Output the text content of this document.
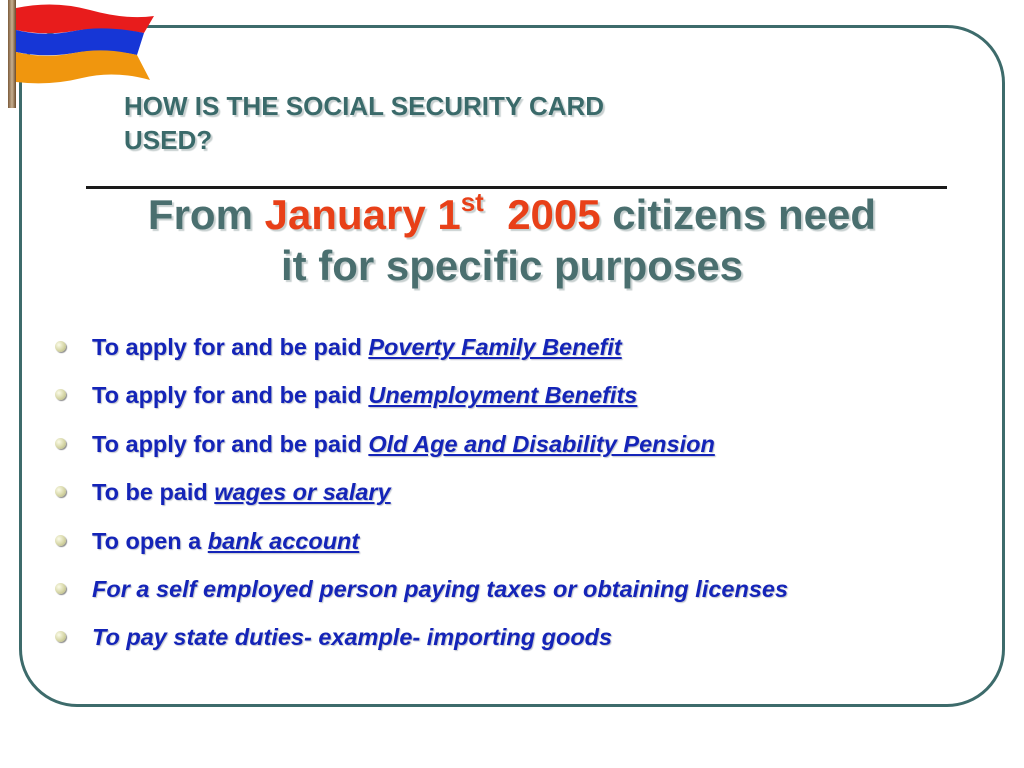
HOW IS THE SOCIAL SECURITY CARD
USED?
From January 1st 2005 citizens need
it for specific purposes
To apply for and be paid Poverty Family Benefit
To apply for and be paid Unemployment Benefits
To apply for and be paid Old Age and Disability Pension
To be paid wages or salary
To open a bank account
For a self employed person paying taxes or obtaining licenses
To pay state duties- example- importing goods
